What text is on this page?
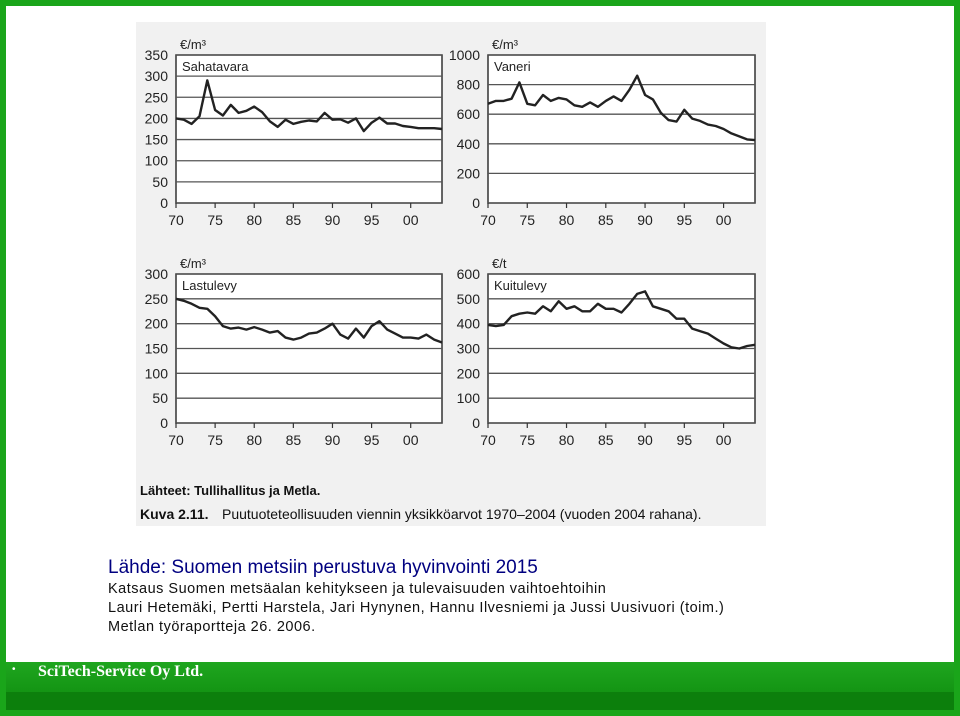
Lähteet: Tullihallitus ja Metla.
Kuva 2.11. Puutuoteteollisuuden viennin yksikköarvot 1970–2004 (vuoden 2004 rahana).
0
50
100
150
200
250
300
350
70 75 80 85 90 95 00
€/m³
Sahatavara
0
200
400
600
800
1000
70 75 80 85 90 95 00
€/m³
Vaneri
0
50
100
150
200
250
300
70 75 80 85 90 95 00
€/m³
Lastulevy
0
100
200
300
400
500
600
70 75 80 85 90 95 00
€/t
Kuitulevy
Lähde: Suomen metsiin perustuva hyvinvointi 2015
Katsaus Suomen metsäalan kehitykseen ja tulevaisuuden vaihtoehtoihin
Lauri Hetemäki, Pertti Harstela, Jari Hynynen, Hannu Ilvesniemi ja Jussi Uusivuori (toim.)
Metlan työraportteja 26. 2006.
• SciTech-Service Oy Ltd.
